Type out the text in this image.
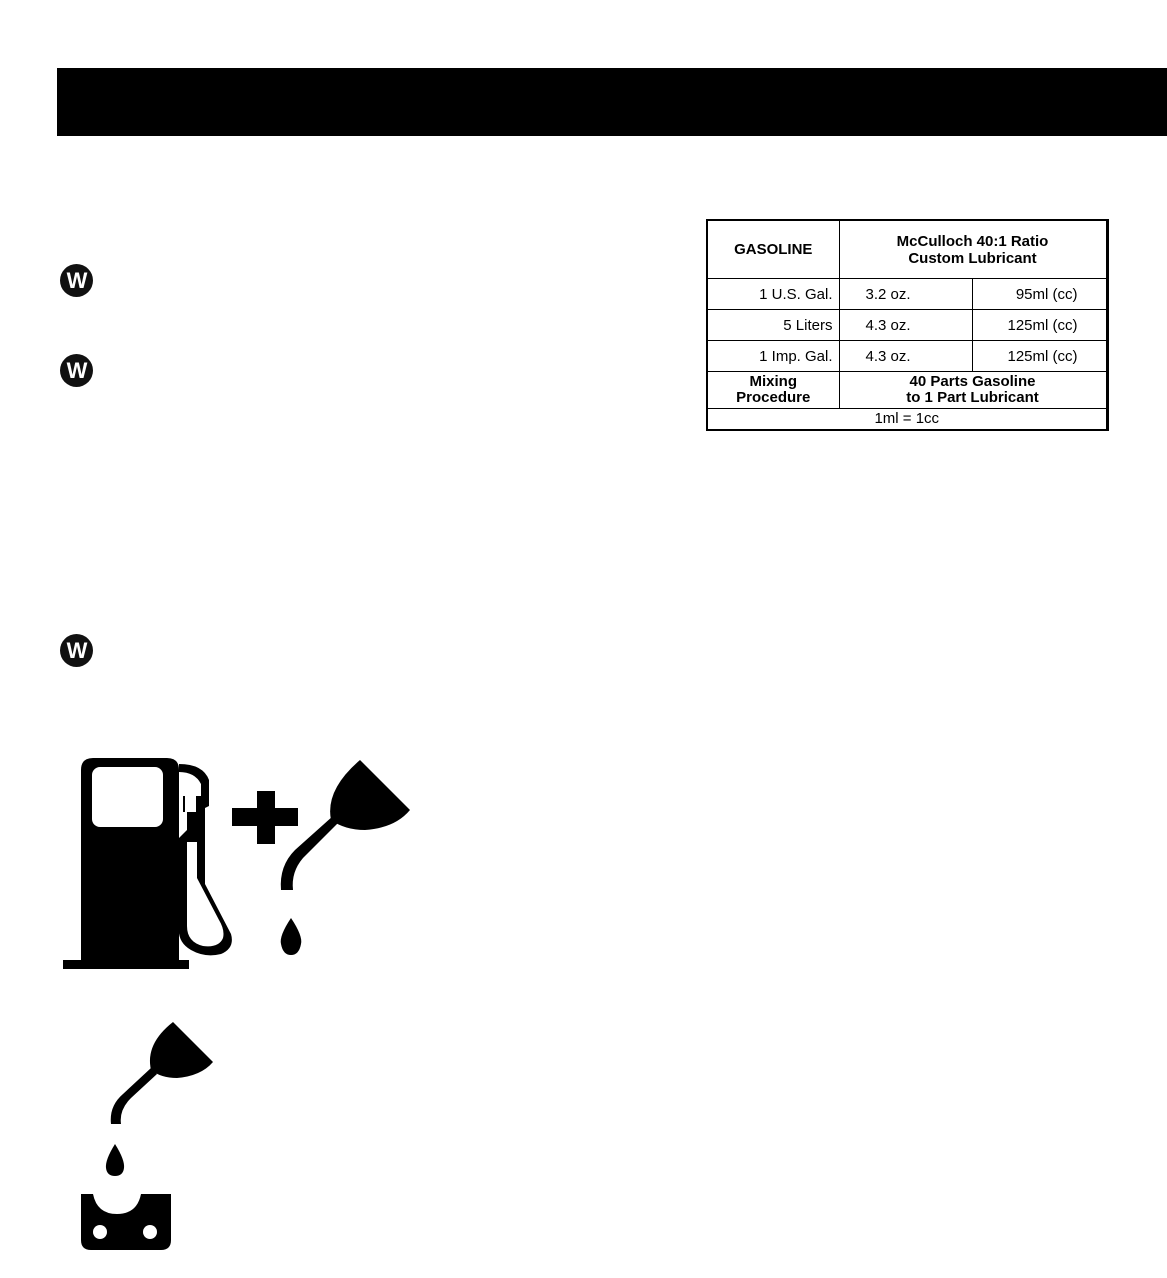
W
W
W
GASOLINE	McCulloch 40:1 Ratio
Custom Lubricant	

1 U.S. Gal.	3.2 oz.	95ml (cc)
5 Liters	4.3 oz.	125ml (cc)
1 Imp. Gal.	4.3 oz.	125ml (cc)

Mixing
Procedure	40 Parts Gasoline
to 1 Part Lubricant	

1ml = 1cc		
